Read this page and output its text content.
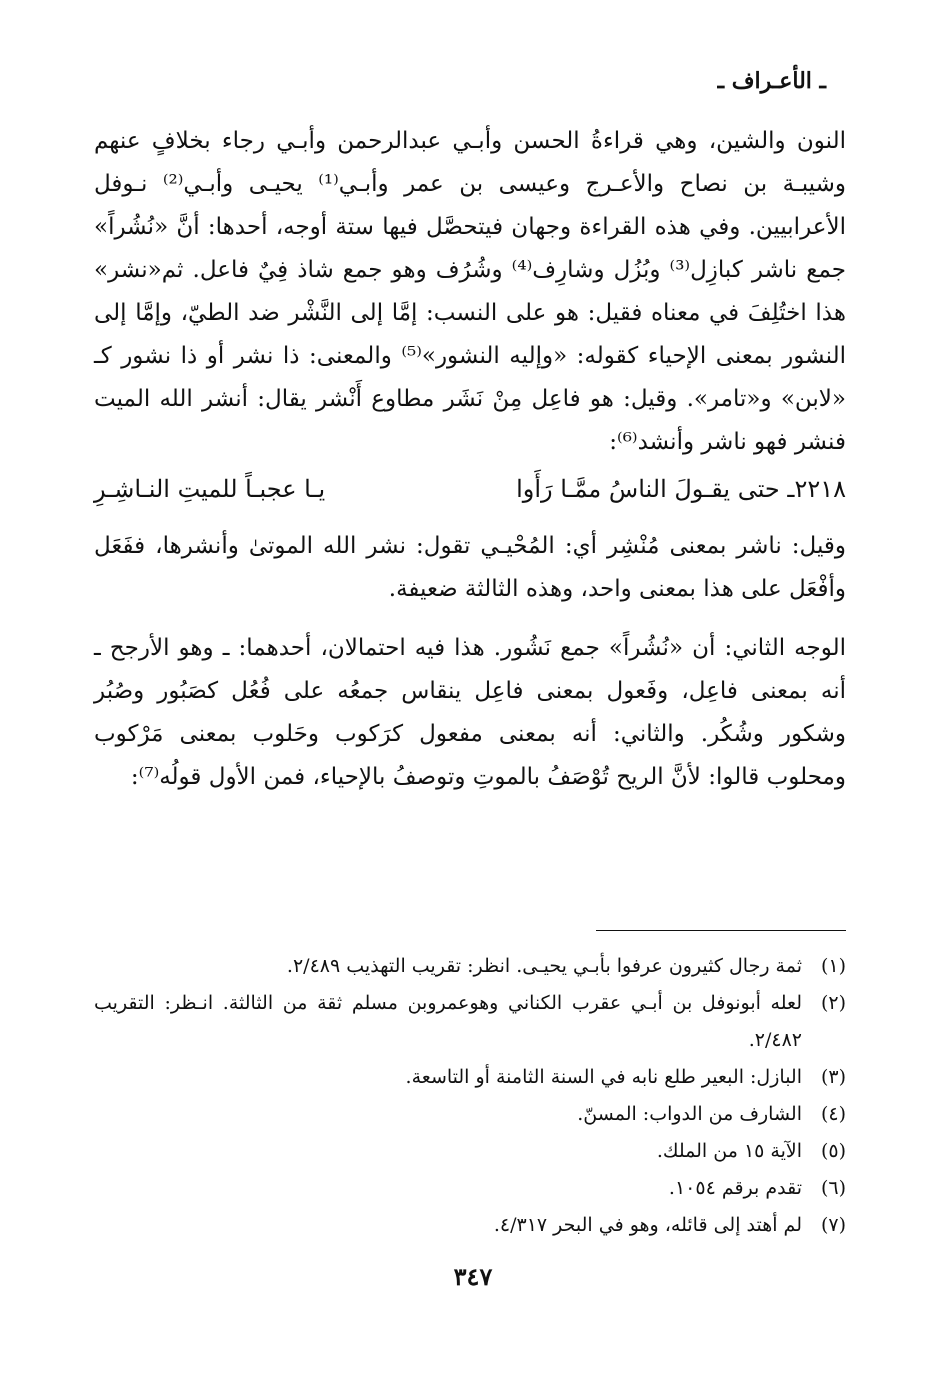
ـ الأعـراف ـ

النون والشين، وهي قراءةُ الحسن وأبـي عبدالرحمن وأبـي رجاء بخلافٍ عنهم وشيبـة بن نصاح والأعـرج وعيسى بن عمر وأبـي⁽¹⁾ يحيـى وأبـي⁽²⁾ نـوفل الأعرابيين. وفي هذه القراءة وجهان فيتحصَّل فيها ستة أوجه، أحدها: أنَّ «نُشُراً» جمع ناشر كبازِل⁽³⁾ وبُزُل وشارِف⁽⁴⁾ وشُرُف وهو جمع شاذ فِيٌ فاعل. ثم«نشر» هذا اختُلِفَ في معناه فقيل: هو على النسب: إمَّا إلى النَّشْر ضد الطيّ، وإمَّا إلى النشور بمعنى الإحياء كقوله: «وإليه النشور»⁽⁵⁾ والمعنى: ذا نشر أو ذا نشور كـ «لابن» و«تامر». وقيل: هو فاعِل مِنْ نَشَر مطاوع أَنْشر يقال: أنشر الله الميت فنشر فهو ناشر وأنشد⁽⁶⁾:

٢٢١٨ـ حتى يقـولَ الناسُ ممَّـا رَأَوا
يـا عجبـاً للميتِ النـاشِـرِ

وقيل: ناشر بمعنى مُنْشِر أي: المُحْيـي تقول: نشر الله الموتىٰ وأنشرها، ففَعَل وأفْعَل على هذا بمعنى واحد، وهذه الثالثة ضعيفة.

الوجه الثاني: أن «نُشُراً» جمع نَشُور. هذا فيه احتمالان، أحدهما: ـ وهو الأرجح ـ أنه بمعنى فاعِل، وفَعول بمعنى فاعِل ينقاس جمعُه على فُعُل كصَبُور وصُبُر وشكور وشُكُر. والثاني: أنه بمعنى مفعول كرَكوب وحَلوب بمعنى مَرْكوب ومحلوب قالوا: لأنَّ الريح تُوْصَفُ بالموتِ وتوصفُ بالإحياء، فمن الأول قولُه⁽⁷⁾:

(١)
ثمة رجال كثيرون عرفوا بأبـي يحيـى. انظر: تقريب التهذيب ٢/٤٨٩.
(٢)
لعله أبونوفل بن أبـي عقرب الكناني وهوعمروبن مسلم ثقة من الثالثة. انـظر: التقريب ٢/٤٨٢.
(٣)
البازل: البعير طلع نابه في السنة الثامنة أو التاسعة.
(٤)
الشارف من الدواب: المسنّ.
(٥)
الآية ١٥ من الملك.
(٦)
تقدم برقم ١٠٥٤.
(٧)
لم أهتد إلى قائله، وهو في البحر ٤/٣١٧.
٣٤٧
